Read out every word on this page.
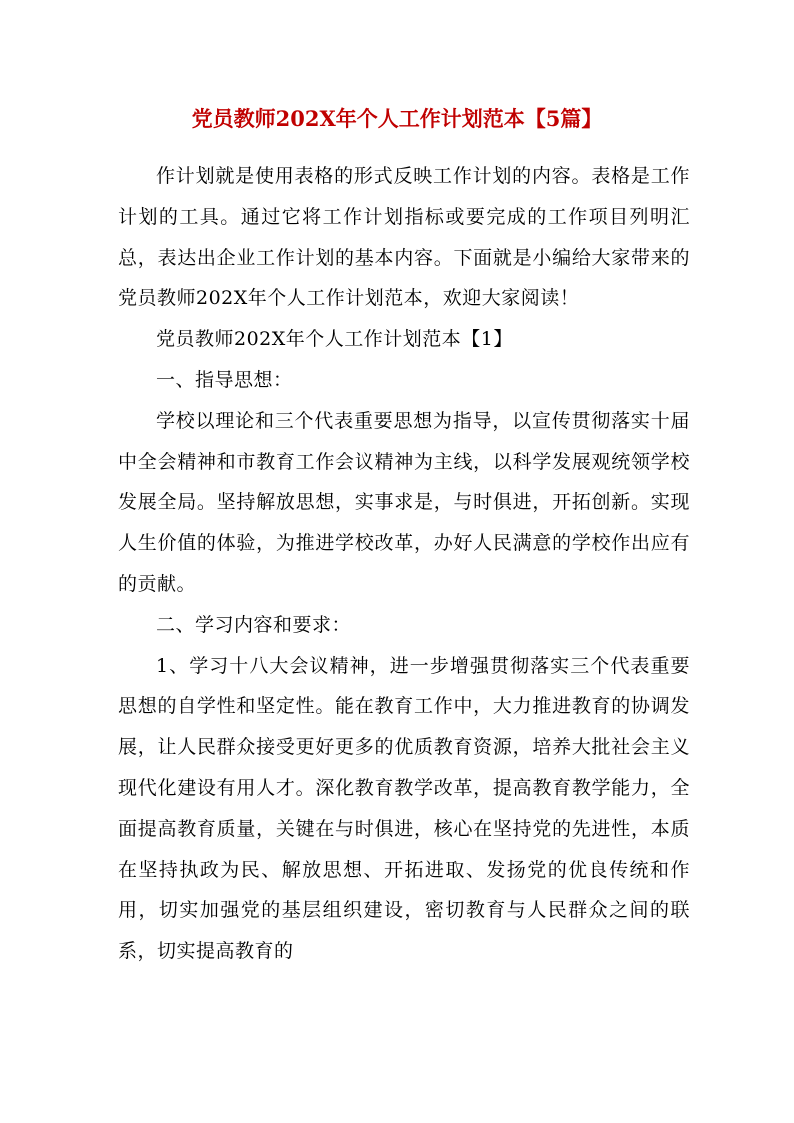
党员教师202X年个人工作计划范本【5篇】

作计划就是使用表格的形式反映工作计划的内容。表格是工作计划的工具。通过它将工作计划指标或要完成的工作项目列明汇总，表达出企业工作计划的基本内容。下面就是小编给大家带来的党员教师202X年个人工作计划范本，欢迎大家阅读！

党员教师202X年个人工作计划范本【1】

一、指导思想：

学校以理论和三个代表重要思想为指导，以宣传贯彻落实十届中全会精神和市教育工作会议精神为主线，以科学发展观统领学校发展全局。坚持解放思想，实事求是，与时俱进，开拓创新。实现人生价值的体验，为推进学校改革，办好人民满意的学校作出应有的贡献。

二、学习内容和要求：

1、学习十八大会议精神，进一步增强贯彻落实三个代表重要思想的自学性和坚定性。能在教育工作中，大力推进教育的协调发展，让人民群众接受更好更多的优质教育资源，培养大批社会主义现代化建设有用人才。深化教育教学改革，提高教育教学能力，全面提高教育质量，关键在与时俱进，核心在坚持党的先进性，本质在坚持执政为民、解放思想、开拓进取、发扬党的优良传统和作用，切实加强党的基层组织建设，密切教育与人民群众之间的联系，切实提高教育的
